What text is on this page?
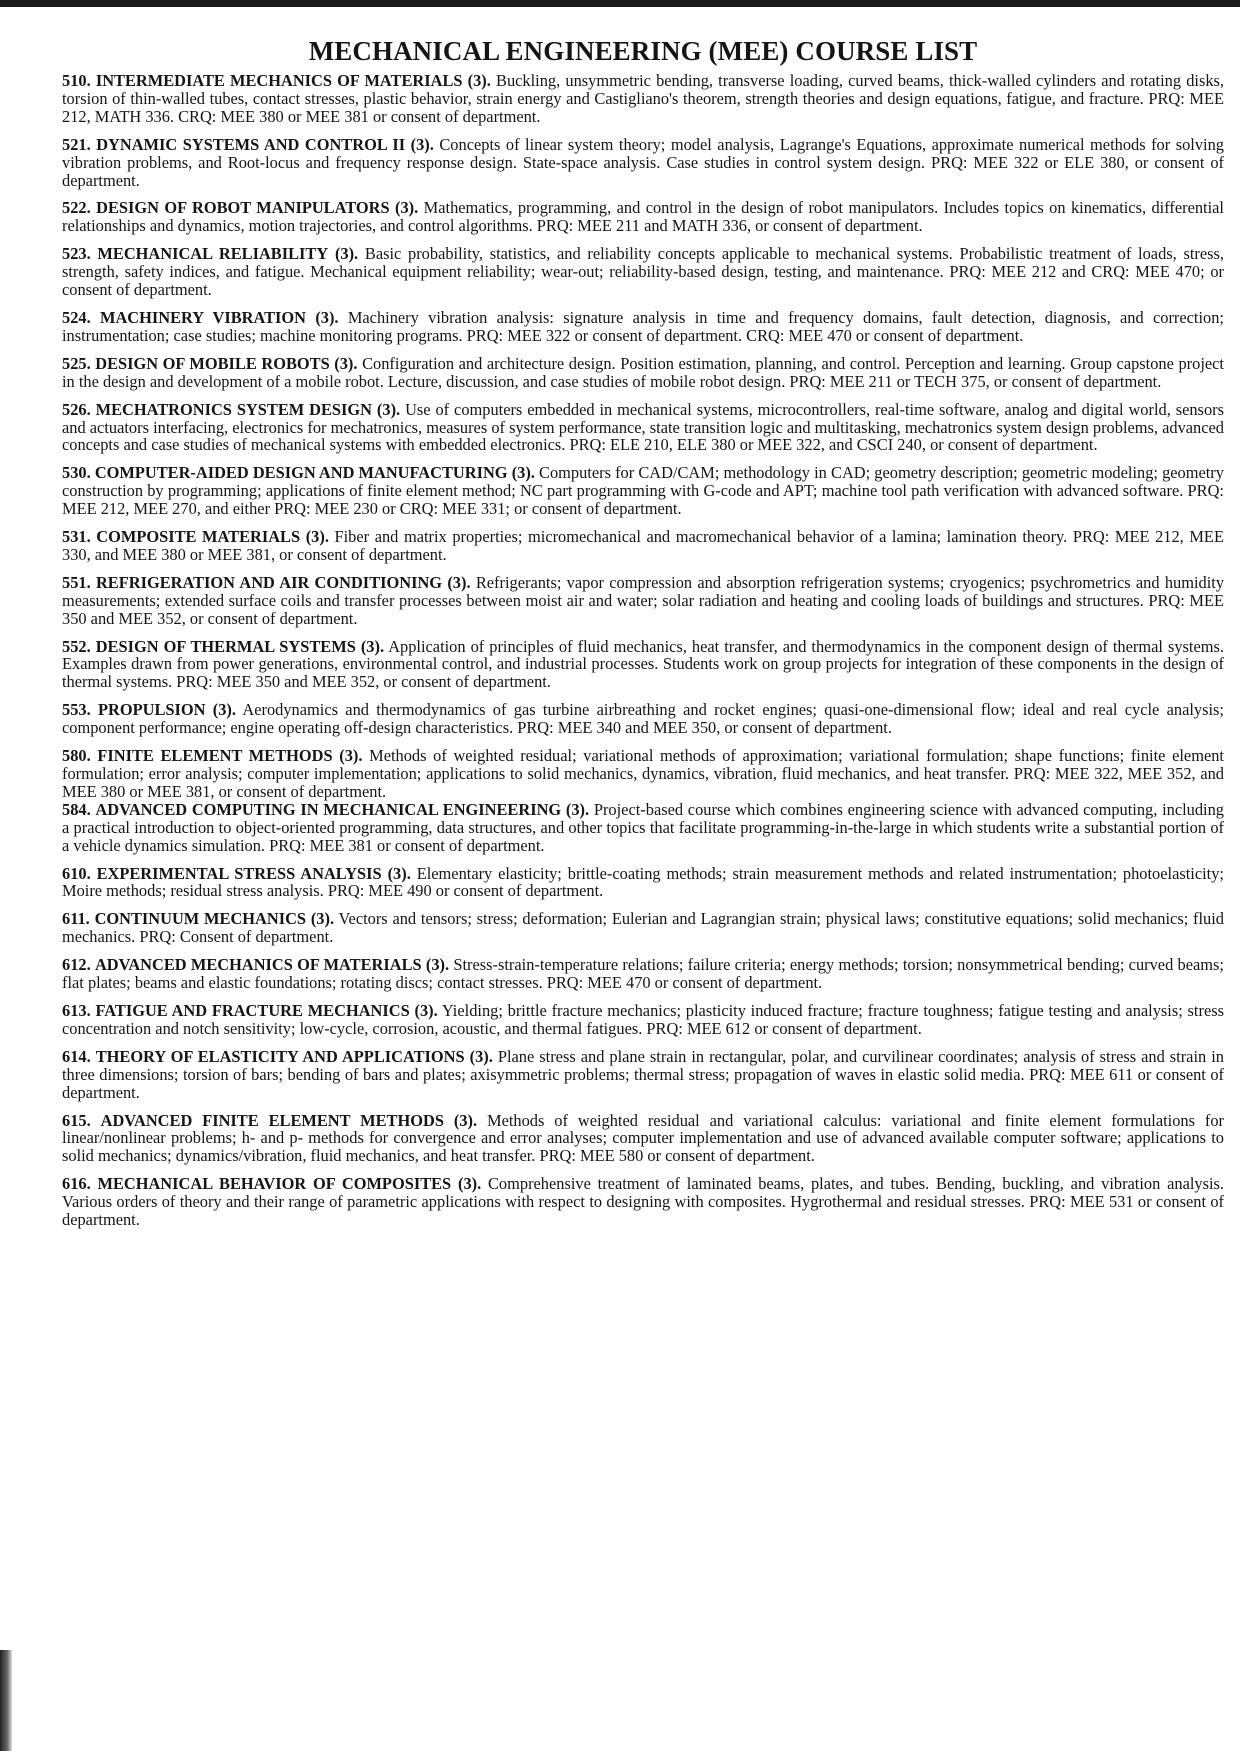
MECHANICAL ENGINEERING (MEE) COURSE LIST

510. INTERMEDIATE MECHANICS OF MATERIALS (3). Buckling, unsymmetric bending, transverse loading, curved beams, thick-walled cylinders and rotating disks, torsion of thin-walled tubes, contact stresses, plastic behavior, strain energy and Castigliano's theorem, strength theories and design equations, fatigue, and fracture. PRQ: MEE 212, MATH 336. CRQ: MEE 380 or MEE 381 or consent of department.

521. DYNAMIC SYSTEMS AND CONTROL II (3). Concepts of linear system theory; model analysis, Lagrange's Equations, approximate numerical methods for solving vibration problems, and Root-locus and frequency response design. State-space analysis. Case studies in control system design. PRQ: MEE 322 or ELE 380, or consent of department.

522. DESIGN OF ROBOT MANIPULATORS (3). Mathematics, programming, and control in the design of robot manipulators. Includes topics on kinematics, differential relationships and dynamics, motion trajectories, and control algorithms. PRQ: MEE 211 and MATH 336, or consent of department.

523. MECHANICAL RELIABILITY (3). Basic probability, statistics, and reliability concepts applicable to mechanical systems. Probabilistic treatment of loads, stress, strength, safety indices, and fatigue. Mechanical equipment reliability; wear-out; reliability-based design, testing, and maintenance. PRQ: MEE 212 and CRQ: MEE 470; or consent of department.

524. MACHINERY VIBRATION (3). Machinery vibration analysis: signature analysis in time and frequency domains, fault detection, diagnosis, and correction; instrumentation; case studies; machine monitoring programs. PRQ: MEE 322 or consent of department. CRQ: MEE 470 or consent of department.

525. DESIGN OF MOBILE ROBOTS (3). Configuration and architecture design. Position estimation, planning, and control. Perception and learning. Group capstone project in the design and development of a mobile robot. Lecture, discussion, and case studies of mobile robot design. PRQ: MEE 211 or TECH 375, or consent of department.

526. MECHATRONICS SYSTEM DESIGN (3). Use of computers embedded in mechanical systems, microcontrollers, real-time software, analog and digital world, sensors and actuators interfacing, electronics for mechatronics, measures of system performance, state transition logic and multitasking, mechatronics system design problems, advanced concepts and case studies of mechanical systems with embedded electronics. PRQ: ELE 210, ELE 380 or MEE 322, and CSCI 240, or consent of department.

530. COMPUTER-AIDED DESIGN AND MANUFACTURING (3). Computers for CAD/CAM; methodology in CAD; geometry description; geometric modeling; geometry construction by programming; applications of finite element method; NC part programming with G-code and APT; machine tool path verification with advanced software. PRQ: MEE 212, MEE 270, and either PRQ: MEE 230 or CRQ: MEE 331; or consent of department.

531. COMPOSITE MATERIALS (3). Fiber and matrix properties; micromechanical and macromechanical behavior of a lamina; lamination theory. PRQ: MEE 212, MEE 330, and MEE 380 or MEE 381, or consent of department.

551. REFRIGERATION AND AIR CONDITIONING (3). Refrigerants; vapor compression and absorption refrigeration systems; cryogenics; psychrometrics and humidity measurements; extended surface coils and transfer processes between moist air and water; solar radiation and heating and cooling loads of buildings and structures. PRQ: MEE 350 and MEE 352, or consent of department.

552. DESIGN OF THERMAL SYSTEMS (3). Application of principles of fluid mechanics, heat transfer, and thermodynamics in the component design of thermal systems. Examples drawn from power generations, environmental control, and industrial processes. Students work on group projects for integration of these components in the design of thermal systems. PRQ: MEE 350 and MEE 352, or consent of department.

553. PROPULSION (3). Aerodynamics and thermodynamics of gas turbine airbreathing and rocket engines; quasi-one-dimensional flow; ideal and real cycle analysis; component performance; engine operating off-design characteristics. PRQ: MEE 340 and MEE 350, or consent of department.

580. FINITE ELEMENT METHODS (3). Methods of weighted residual; variational methods of approximation; variational formulation; shape functions; finite element formulation; error analysis; computer implementation; applications to solid mechanics, dynamics, vibration, fluid mechanics, and heat transfer. PRQ: MEE 322, MEE 352, and MEE 380 or MEE 381, or consent of department.

584. ADVANCED COMPUTING IN MECHANICAL ENGINEERING (3). Project-based course which combines engineering science with advanced computing, including a practical introduction to object-oriented programming, data structures, and other topics that facilitate programming-in-the-large in which students write a substantial portion of a vehicle dynamics simulation. PRQ: MEE 381 or consent of department.

610. EXPERIMENTAL STRESS ANALYSIS (3). Elementary elasticity; brittle-coating methods; strain measurement methods and related instrumentation; photoelasticity; Moire methods; residual stress analysis. PRQ: MEE 490 or consent of department.

611. CONTINUUM MECHANICS (3). Vectors and tensors; stress; deformation; Eulerian and Lagrangian strain; physical laws; constitutive equations; solid mechanics; fluid mechanics. PRQ: Consent of department.

612. ADVANCED MECHANICS OF MATERIALS (3). Stress-strain-temperature relations; failure criteria; energy methods; torsion; nonsymmetrical bending; curved beams; flat plates; beams and elastic foundations; rotating discs; contact stresses. PRQ: MEE 470 or consent of department.

613. FATIGUE AND FRACTURE MECHANICS (3). Yielding; brittle fracture mechanics; plasticity induced fracture; fracture toughness; fatigue testing and analysis; stress concentration and notch sensitivity; low-cycle, corrosion, acoustic, and thermal fatigues. PRQ: MEE 612 or consent of department.

614. THEORY OF ELASTICITY AND APPLICATIONS (3). Plane stress and plane strain in rectangular, polar, and curvilinear coordinates; analysis of stress and strain in three dimensions; torsion of bars; bending of bars and plates; axisymmetric problems; thermal stress; propagation of waves in elastic solid media. PRQ: MEE 611 or consent of department.

615. ADVANCED FINITE ELEMENT METHODS (3). Methods of weighted residual and variational calculus: variational and finite element formulations for linear/nonlinear problems; h- and p- methods for convergence and error analyses; computer implementation and use of advanced available computer software; applications to solid mechanics; dynamics/vibration, fluid mechanics, and heat transfer. PRQ: MEE 580 or consent of department.

616. MECHANICAL BEHAVIOR OF COMPOSITES (3). Comprehensive treatment of laminated beams, plates, and tubes. Bending, buckling, and vibration analysis. Various orders of theory and their range of parametric applications with respect to designing with composites. Hygrothermal and residual stresses. PRQ: MEE 531 or consent of department.
